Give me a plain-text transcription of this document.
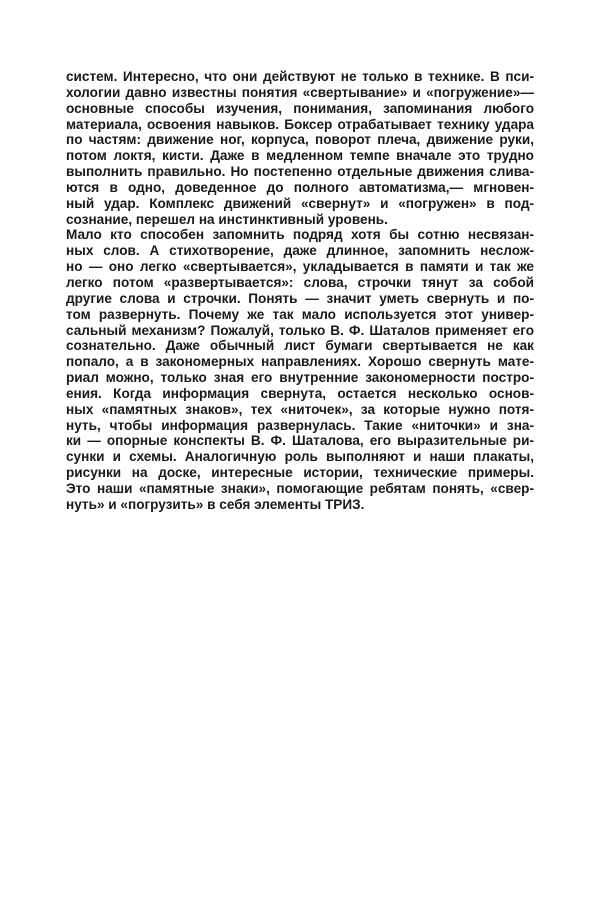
систем. Интересно, что они действуют не только в технике. В пси-
хологии давно известны понятия «свертывание» и «погружение»—
основные способы изучения, понимания, запоминания любого
материала, освоения навыков. Боксер отрабатывает технику удара
по частям: движение ног, корпуса, поворот плеча, движение руки,
потом локтя, кисти. Даже в медленном темпе вначале это трудно
выполнить правильно. Но постепенно отдельные движения слива-
ются в одно, доведенное до полного автоматизма,— мгновен-
ный удар. Комплекс движений «свернут» и «погружен» в под-
сознание, перешел на инстинктивный уровень.
Мало кто способен запомнить подряд хотя бы сотню несвязан-
ных слов. А стихотворение, даже длинное, запомнить неслож-
но — оно легко «свертывается», укладывается в памяти и так же
легко потом «развертывается»: слова, строчки тянут за собой
другие слова и строчки. Понять — значит уметь свернуть и по-
том развернуть. Почему же так мало используется этот универ-
сальный механизм? Пожалуй, только В. Ф. Шаталов применяет его
сознательно. Даже обычный лист бумаги свертывается не как
попало, а в закономерных направлениях. Хорошо свернуть мате-
риал можно, только зная его внутренние закономерности постро-
ения. Когда информация свернута, остается несколько основ-
ных «памятных знаков», тех «ниточек», за которые нужно потя-
нуть, чтобы информация развернулась. Такие «ниточки» и зна-
ки — опорные конспекты В. Ф. Шаталова, его выразительные ри-
сунки и схемы. Аналогичную роль выполняют и наши плакаты,
рисунки на доске, интересные истории, технические примеры.
Это наши «памятные знаки», помогающие ребятам понять, «свер-
нуть» и «погрузить» в себя элементы ТРИЗ.
